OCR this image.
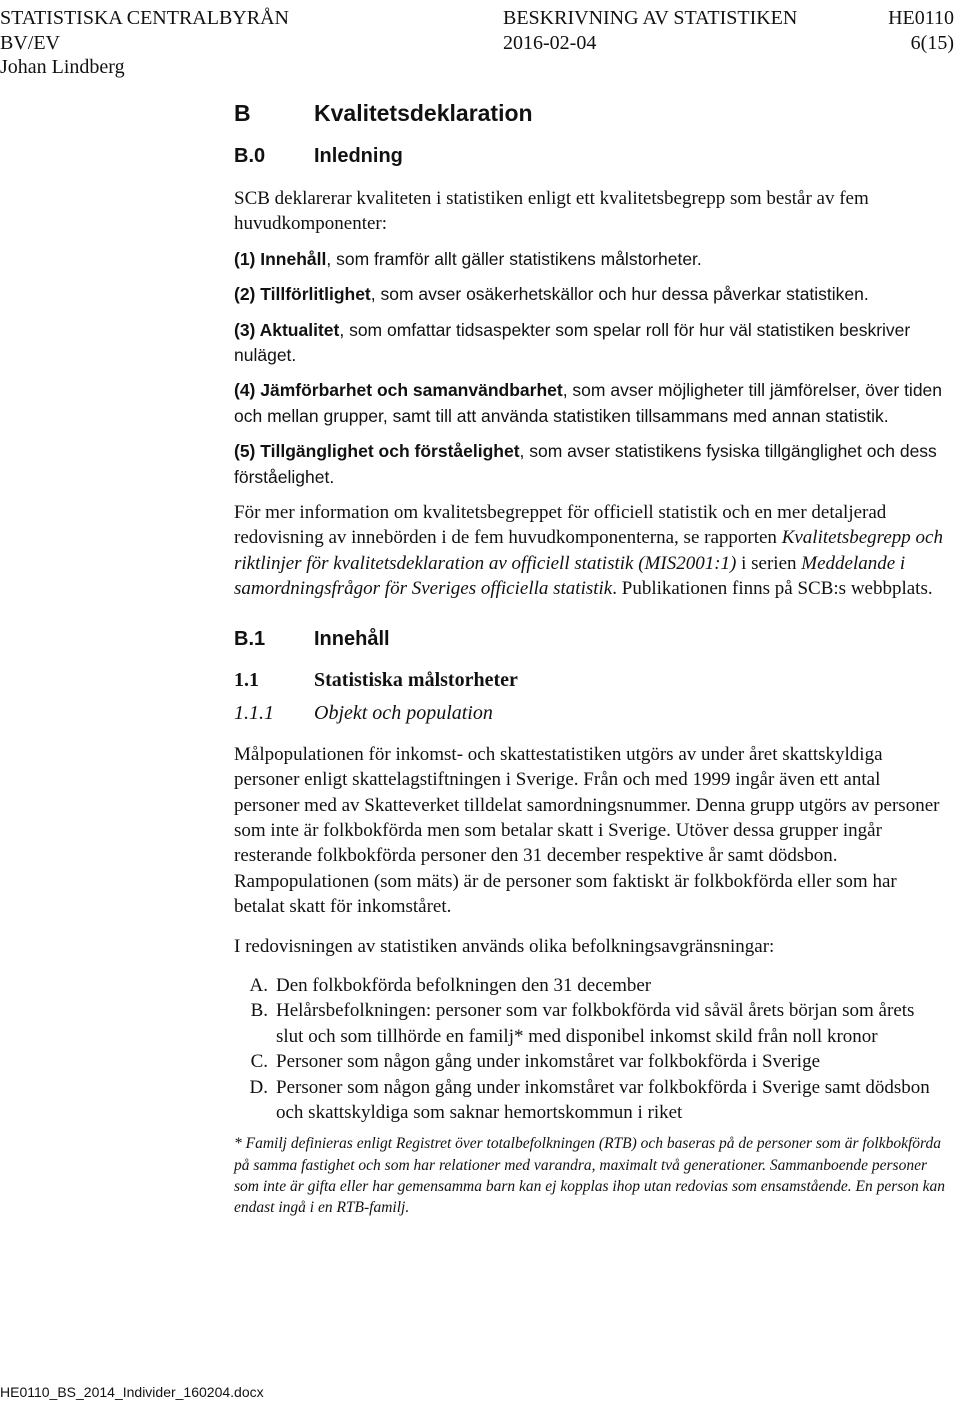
STATISTISKA CENTRALBYRÅN	BESKRIVNING AV STATISTIKEN	HE0110
BV/EV	2016-02-04	6(15)
Johan Lindberg
B	Kvalitetsdeklaration
B.0	Inledning
SCB deklarerar kvaliteten i statistiken enligt ett kvalitetsbegrepp som består av fem huvudkomponenter:
(1) Innehåll, som framför allt gäller statistikens målstorheter.
(2) Tillförlitlighet, som avser osäkerhetskällor och hur dessa påverkar statistiken.
(3) Aktualitet, som omfattar tidsaspekter som spelar roll för hur väl statistiken beskriver nuläget.
(4) Jämförbarhet och samanvändbarhet, som avser möjligheter till jämförelser, över tiden och mellan grupper, samt till att använda statistiken tillsammans med annan statistik.
(5) Tillgänglighet och förståelighet, som avser statistikens fysiska tillgänglighet och dess förståelighet.
För mer information om kvalitetsbegreppet för officiell statistik och en mer detaljerad redovisning av innebörden i de fem huvudkomponenterna, se rapporten Kvalitetsbegrepp och riktlinjer för kvalitetsdeklaration av officiell statistik (MIS2001:1) i serien Meddelande i samordningsfrågor för Sveriges officiella statistik. Publikationen finns på SCB:s webbplats.
B.1	Innehåll
1.1	Statistiska målstorheter
1.1.1	Objekt och population
Målpopulationen för inkomst- och skattestatistiken utgörs av under året skattskyldiga personer enligt skattelagstiftningen i Sverige. Från och med 1999 ingår även ett antal personer med av Skatteverket tilldelat samordningsnummer. Denna grupp utgörs av personer som inte är folkbokförda men som betalar skatt i Sverige. Utöver dessa grupper ingår resterande folkbokförda personer den 31 december respektive år samt dödsbon. Rampopulationen (som mäts) är de personer som faktiskt är folkbokförda eller som har betalat skatt för inkomståret.
I redovisningen av statistiken används olika befolkningsavgränsningar:
A. Den folkbokförda befolkningen den 31 december
B. Helårsbefolkningen: personer som var folkbokförda vid såväl årets början som årets slut och som tillhörde en familj* med disponibel inkomst skild från noll kronor
C. Personer som någon gång under inkomståret var folkbokförda i Sverige
D. Personer som någon gång under inkomståret var folkbokförda i Sverige samt dödsbon och skattskyldiga som saknar hemortskommun i riket
* Familj definieras enligt Registret över totalbefolkningen (RTB) och baseras på de personer som är folkbokförda på samma fastighet och som har relationer med varandra, maximalt två generationer. Sammanboende personer som inte är gifta eller har gemensamma barn kan ej kopplas ihop utan redovias som ensamstående. En person kan endast ingå i en RTB-familj.
HE0110_BS_2014_Individer_160204.docx
